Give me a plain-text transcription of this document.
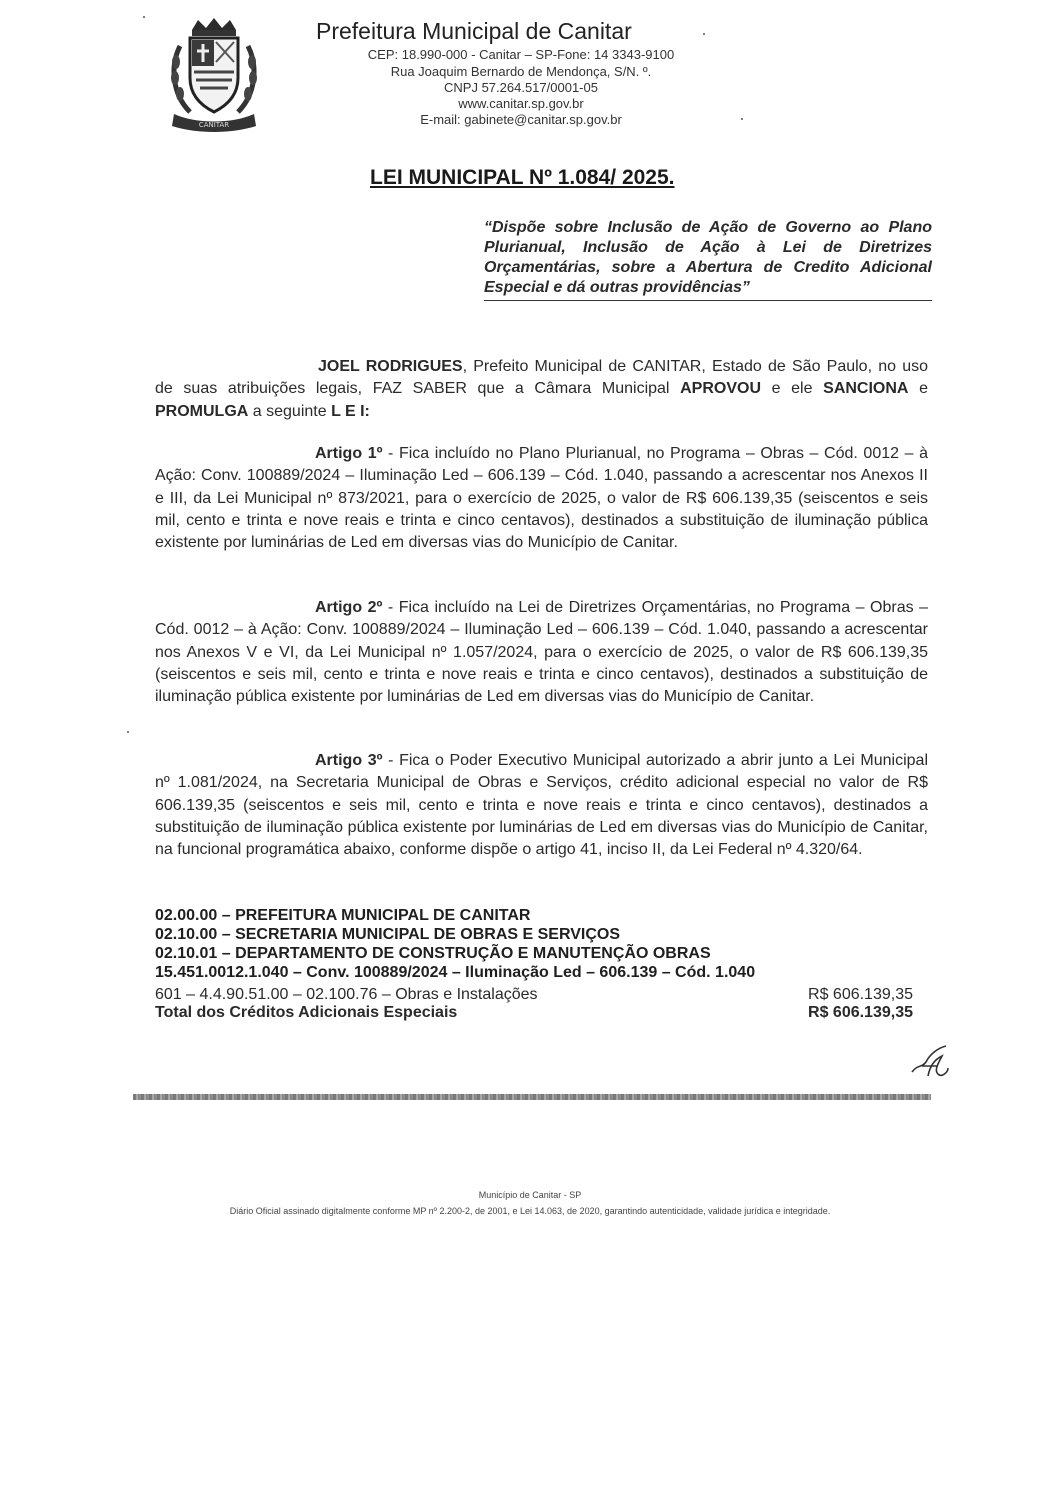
CANITAR
Prefeitura Municipal de Canitar
CEP: 18.990-000 - Canitar – SP-Fone: 14 3343-9100
Rua Joaquim Bernardo de Mendonça, S/N. º.
CNPJ 57.264.517/0001-05
www.canitar.sp.gov.br
E-mail: gabinete@canitar.sp.gov.br
LEI MUNICIPAL Nº 1.084/ 2025.
“Dispõe sobre Inclusão de Ação de Governo ao Plano Plurianual, Inclusão de Ação à Lei de Diretrizes Orçamentárias, sobre a Abertura de Credito Adicional Especial e dá outras providências”
JOEL RODRIGUES, Prefeito Municipal de CANITAR, Estado de São Paulo, no uso de suas atribuições legais, FAZ SABER que a Câmara Municipal APROVOU e ele SANCIONA e PROMULGA a seguinte L E I:
Artigo 1º - Fica incluído no Plano Plurianual, no Programa – Obras – Cód. 0012 – à Ação: Conv. 100889/2024 – Iluminação Led – 606.139 – Cód. 1.040, passando a acrescentar nos Anexos II e III, da Lei Municipal nº 873/2021, para o exercício de 2025, o valor de R$ 606.139,35 (seiscentos e seis mil, cento e trinta e nove reais e trinta e cinco centavos), destinados a substituição de iluminação pública existente por luminárias de Led em diversas vias do Município de Canitar.
Artigo 2º - Fica incluído na Lei de Diretrizes Orçamentárias, no Programa – Obras – Cód. 0012 – à Ação: Conv. 100889/2024 – Iluminação Led – 606.139 – Cód. 1.040, passando a acrescentar nos Anexos V e VI, da Lei Municipal nº 1.057/2024, para o exercício de 2025, o valor de R$ 606.139,35 (seiscentos e seis mil, cento e trinta e nove reais e trinta e cinco centavos), destinados a substituição de iluminação pública existente por luminárias de Led em diversas vias do Município de Canitar.
Artigo 3º - Fica o Poder Executivo Municipal autorizado a abrir junto a Lei Municipal nº 1.081/2024, na Secretaria Municipal de Obras e Serviços, crédito adicional especial no valor de R$ 606.139,35 (seiscentos e seis mil, cento e trinta e nove reais e trinta e cinco centavos), destinados a substituição de iluminação pública existente por luminárias de Led em diversas vias do Município de Canitar, na funcional programática abaixo, conforme dispõe o artigo 41, inciso II, da Lei Federal nº 4.320/64.
02.00.00 – PREFEITURA MUNICIPAL DE CANITAR
02.10.00 – SECRETARIA MUNICIPAL DE OBRAS E SERVIÇOS
02.10.01 – DEPARTAMENTO DE CONSTRUÇÃO E MANUTENÇÃO OBRAS
15.451.0012.1.040 – Conv. 100889/2024 – Iluminação Led – 606.139 – Cód. 1.040
601 – 4.4.90.51.00 – 02.100.76 – Obras e Instalações	R$ 606.139,35
Total dos Créditos Adicionais Especiais	R$ 606.139,35
Município de Canitar - SP
Diário Oficial assinado digitalmente conforme MP nº 2.200-2, de 2001, e Lei 14.063, de 2020, garantindo autenticidade, validade jurídica e integridade.
